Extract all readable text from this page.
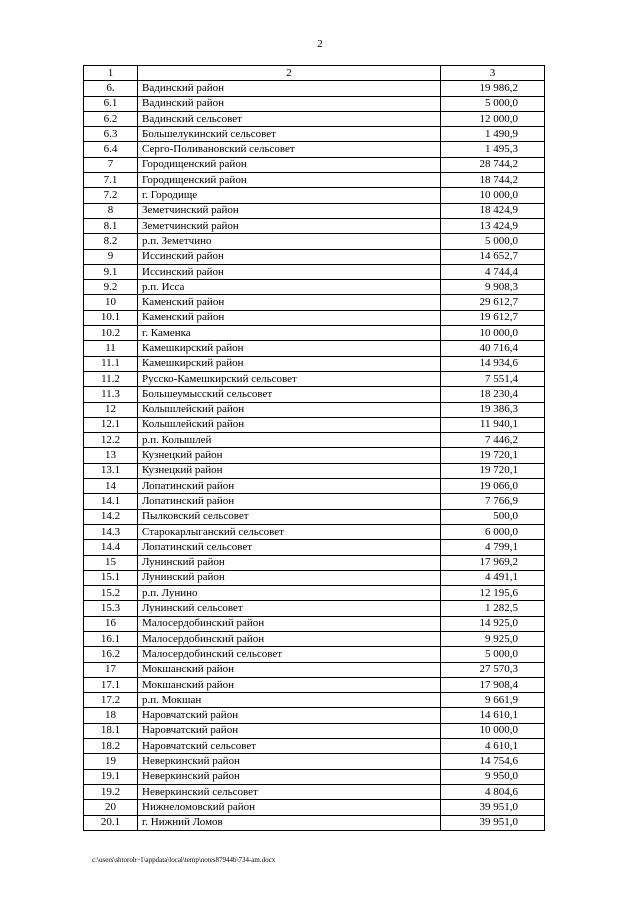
2
1	2	3
6.	Вадинский район	19 986,2
6.1	Вадинский район	5 000,0
6.2	Вадинский сельсовет	12 000,0
6.3	Большелукинский сельсовет	1 490,9
6.4	Серго-Поливановский сельсовет	1 495,3
7	Городищенский район	28 744,2
7.1	Городищенский район	18 744,2
7.2	г. Городище	10 000,0
8	Земетчинский район	18 424,9
8.1	Земетчинский район	13 424,9
8.2	р.п. Земетчино	5 000,0
9	Иссинский район	14 652,7
9.1	Иссинский район	4 744,4
9.2	р.п. Исса	9 908,3
10	Каменский район	29 612,7
10.1	Каменский район	19 612,7
10.2	г. Каменка	10 000,0
11	Камешкирский район	40 716,4
11.1	Камешкирский район	14 934,6
11.2	Русско-Камешкирский сельсовет	7 551,4
11.3	Большеумысский сельсовет	18 230,4
12	Колышлейский район	19 386,3
12.1	Колышлейский район	11 940,1
12.2	р.п. Колышлей	7 446,2
13	Кузнецкий район	19 720,1
13.1	Кузнецкий район	19 720,1
14	Лопатинский район	19 066,0
14.1	Лопатинский район	7 766,9
14.2	Пылковский сельсовет	500,0
14.3	Старокарлыганский сельсовет	6 000,0
14.4	Лопатинский сельсовет	4 799,1
15	Лунинский район	17 969,2
15.1	Лунинский район	4 491,1
15.2	р.п. Лунино	12 195,6
15.3	Лунинский сельсовет	1 282,5
16	Малосердобинский район	14 925,0
16.1	Малосердобинский район	9 925,0
16.2	Малосердобинский сельсовет	5 000,0
17	Мокшанский район	27 570,3
17.1	Мокшанский район	17 908,4
17.2	р.п. Мокшан	9 661,9
18	Наровчатский район	14 610,1
18.1	Наровчатский район	10 000,0
18.2	Наровчатский сельсовет	4 610,1
19	Неверкинский район	14 754,6
19.1	Неверкинский район	9 950,0
19.2	Неверкинский сельсовет	4 804,6
20	Нижнеломовский район	39 951,0
20.1	г. Нижний Ломов	39 951,0
c:\users\shtoroh~1\appdata\local\temp\notes87944b\734-am.docx
